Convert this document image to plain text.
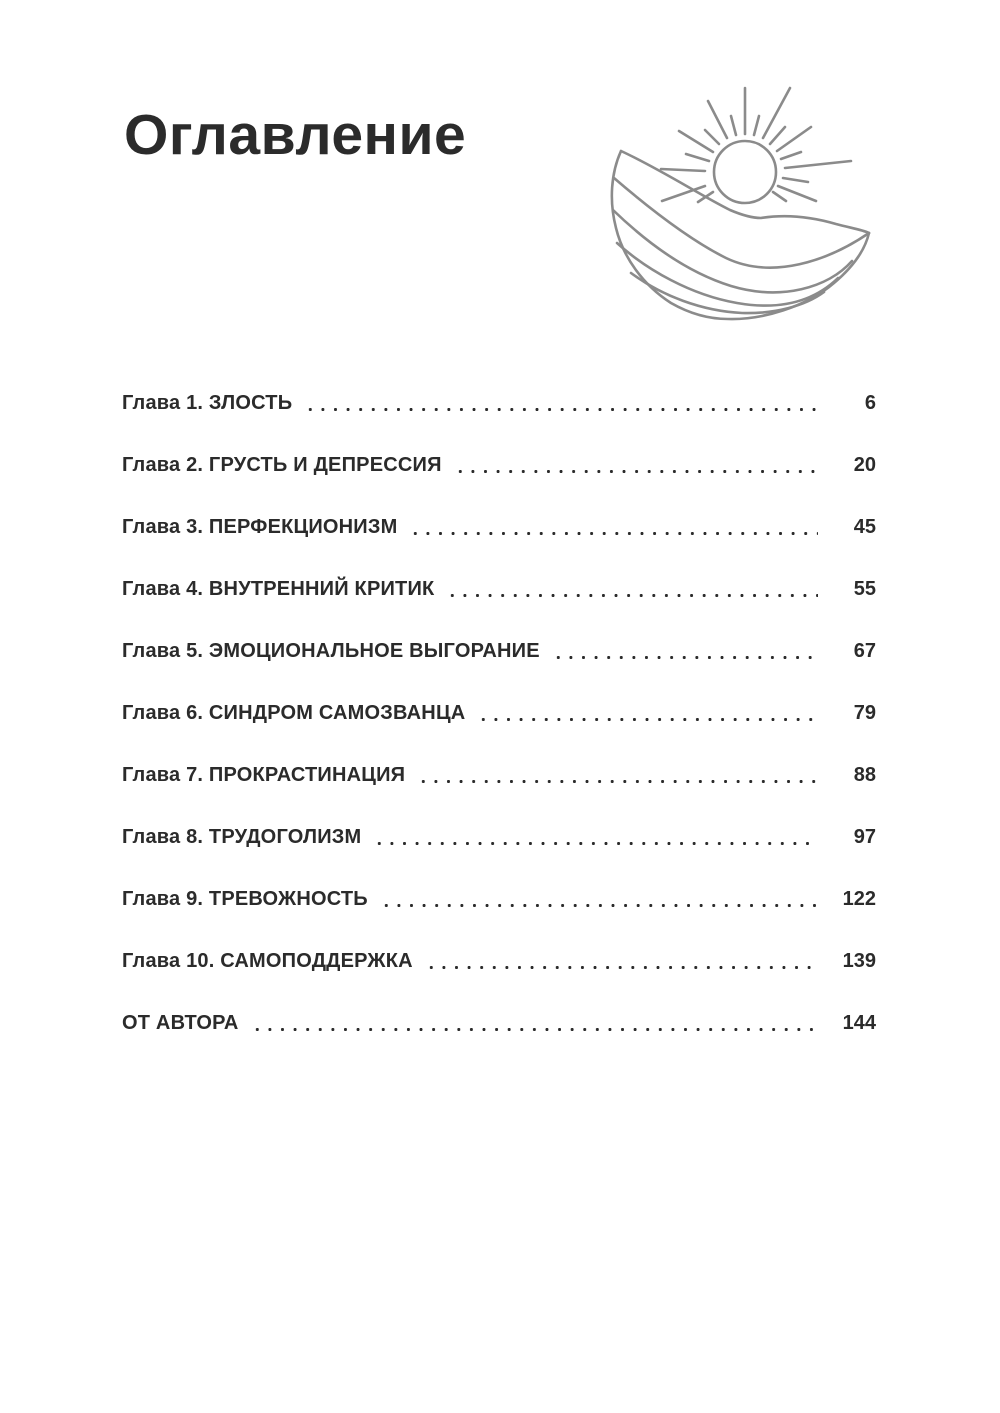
Оглавление
Глава 1. ЗЛОСТЬ	6
Глава 2. ГРУСТЬ И ДЕПРЕССИЯ	20
Глава 3. ПЕРФЕКЦИОНИЗМ	45
Глава 4. ВНУТРЕННИЙ КРИТИК	55
Глава 5. ЭМОЦИОНАЛЬНОЕ ВЫГОРАНИЕ	67
Глава 6. СИНДРОМ САМОЗВАНЦА	79
Глава 7. ПРОКРАСТИНАЦИЯ	88
Глава 8. ТРУДОГОЛИЗМ	97
Глава 9. ТРЕВОЖНОСТЬ	122
Глава 10. САМОПОДДЕРЖКА	139
ОТ АВТОРА	144
